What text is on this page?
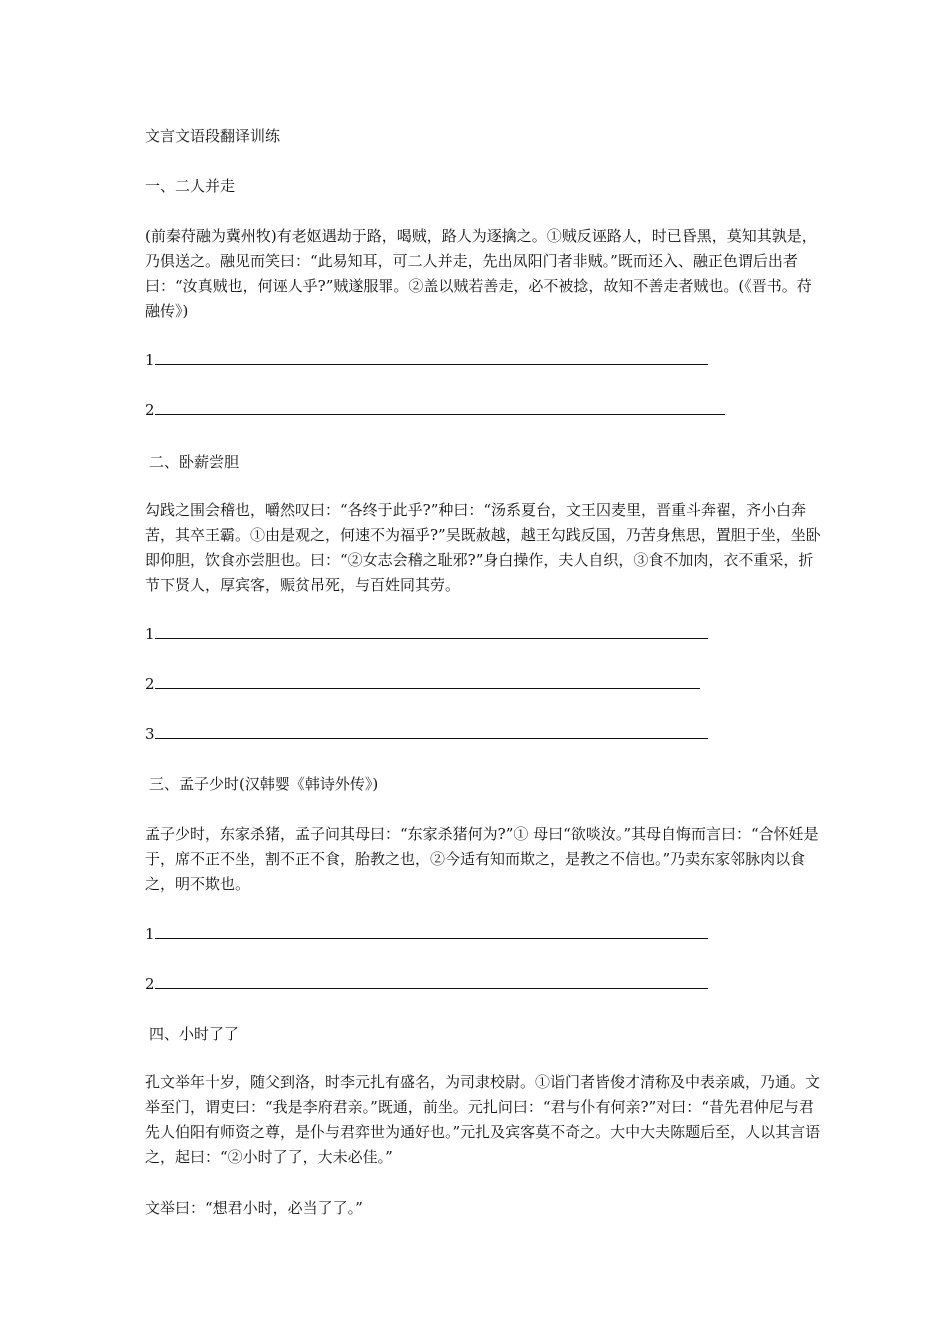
文言文语段翻译训练
一、二人并走

(前秦苻融为冀州牧)有老妪遇劫于路，喝贼，路人为逐擒之。①贼反诬路人，时已昏黑，莫知其孰是，乃俱送之。融见而笑曰：“此易知耳，可二人并走，先出凤阳门者非贼。”既而还入、融正色谓后出者曰：“汝真贼也，何诬人乎?”贼遂服罪。②盖以贼若善走，必不被捻，故知不善走者贼也。(《晋书。苻融传》)

1
2
二、卧薪尝胆

勾践之围会稽也，嚼然叹曰：“各终于此乎?”种曰：“汤系夏台，文王囚麦里，晋重斗奔翟，齐小白奔苦，其卒王霸。①由是观之，何速不为福乎?”吴既赦越，越王勾践反国，乃苦身焦思，置胆于坐，坐卧即仰胆，饮食亦尝胆也。曰：“②女志会稽之耻邪?”身白操作，夫人自织，③食不加肉，衣不重采，折节下贤人，厚宾客，赈贫吊死，与百姓同其劳。

1
2
3
三、孟子少时(汉韩婴《韩诗外传》)

孟子少时，东家杀猪，孟子问其母曰：“东家杀猪何为?”① 母曰“欲啖汝。”其母自悔而言曰：“合怀妊是于，席不正不坐，割不正不食，胎教之也，②今适有知而欺之，是教之不信也。”乃卖东家邻脉肉以食之，明不欺也。

1
2
四、小时了了

孔文举年十岁，随父到洛，时李元扎有盛名，为司隶校尉。①诣门者皆俊才清称及中表亲戚，乃通。文举至门，谓吏曰：“我是李府君亲。”既通，前坐。元扎问曰：“君与仆有何亲?”对曰：“昔先君仲尼与君先人伯阳有师资之尊，是仆与君弈世为通好也。”元扎及宾客莫不奇之。大中大夫陈题后至，人以其言语之，起曰：“②小时了了，大未必佳。”

文举曰：“想君小时，必当了了。”
